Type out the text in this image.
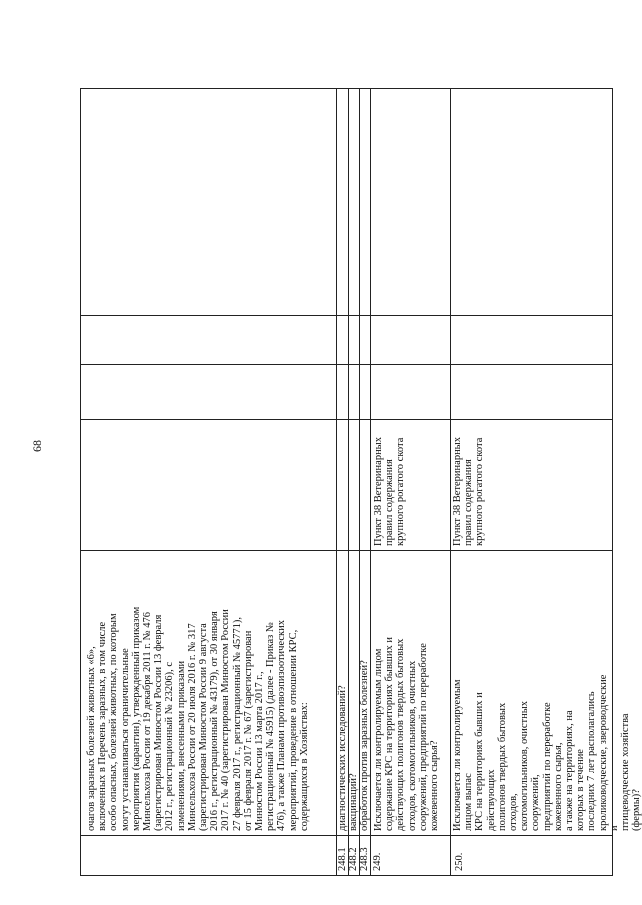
68
очагов заразных болезней животных «6»,
включенных в Перечень заразных, в том числе
особо опасных, болезней животных, по которым
могут устанавливаться ограничительные
мероприятия (карантин), утвержденный приказом
Минсельхоза России от 19 декабря 2011 г. № 476
(зарегистрирован Минюстом России 13 февраля
2012 г., регистрационный № 23206), с
изменениями, внесенными приказами
Минсельхоза России от 20 июля 2016 г. № 317
(зарегистрирован Минюстом России 9 августа
2016 г., регистрационный № 43179), от 30 января
2017 г. № 40 (зарегистрирован Минюстом России
27 февраля 2017 г., регистрационный № 45771),
от 15 февраля 2017 г. № 67 (зарегистрирован
Минюстом России 13 марта 2017 г.,
регистрационный № 45915) (далее - Приказ №
476), а также Планами противоэпизоотических
мероприятий, проведение в отношении КРС,
содержащихся в Хозяйствах:
248.1
диагностических исследований?
248.2
вакцинаций?
248.3
обработок против заразных болезней?
249.
Исключается ли контролируемым лицом
содержание КРС на территориях бывших и
действующих полигонов твердых бытовых
отходов, скотомогильников, очистных
сооружений, предприятий по переработке
кожевенного сырья?
Пункт 38 Ветеринарных
правил содержания
крупного рогатого скота
250.
Исключается ли контролируемым лицом выпас
КРС на территориях бывших и действующих
полигонов твердых бытовых отходов,
скотомогильников, очистных сооружений,
предприятий по переработке кожевенного сырья,
а также на территориях, на которых в течение
последних 7 лет располагались
кролиководческие, звероводческие и
птицеводческие хозяйства (фермы)?
Пункт 38 Ветеринарных
правил содержания
крупного рогатого скота
